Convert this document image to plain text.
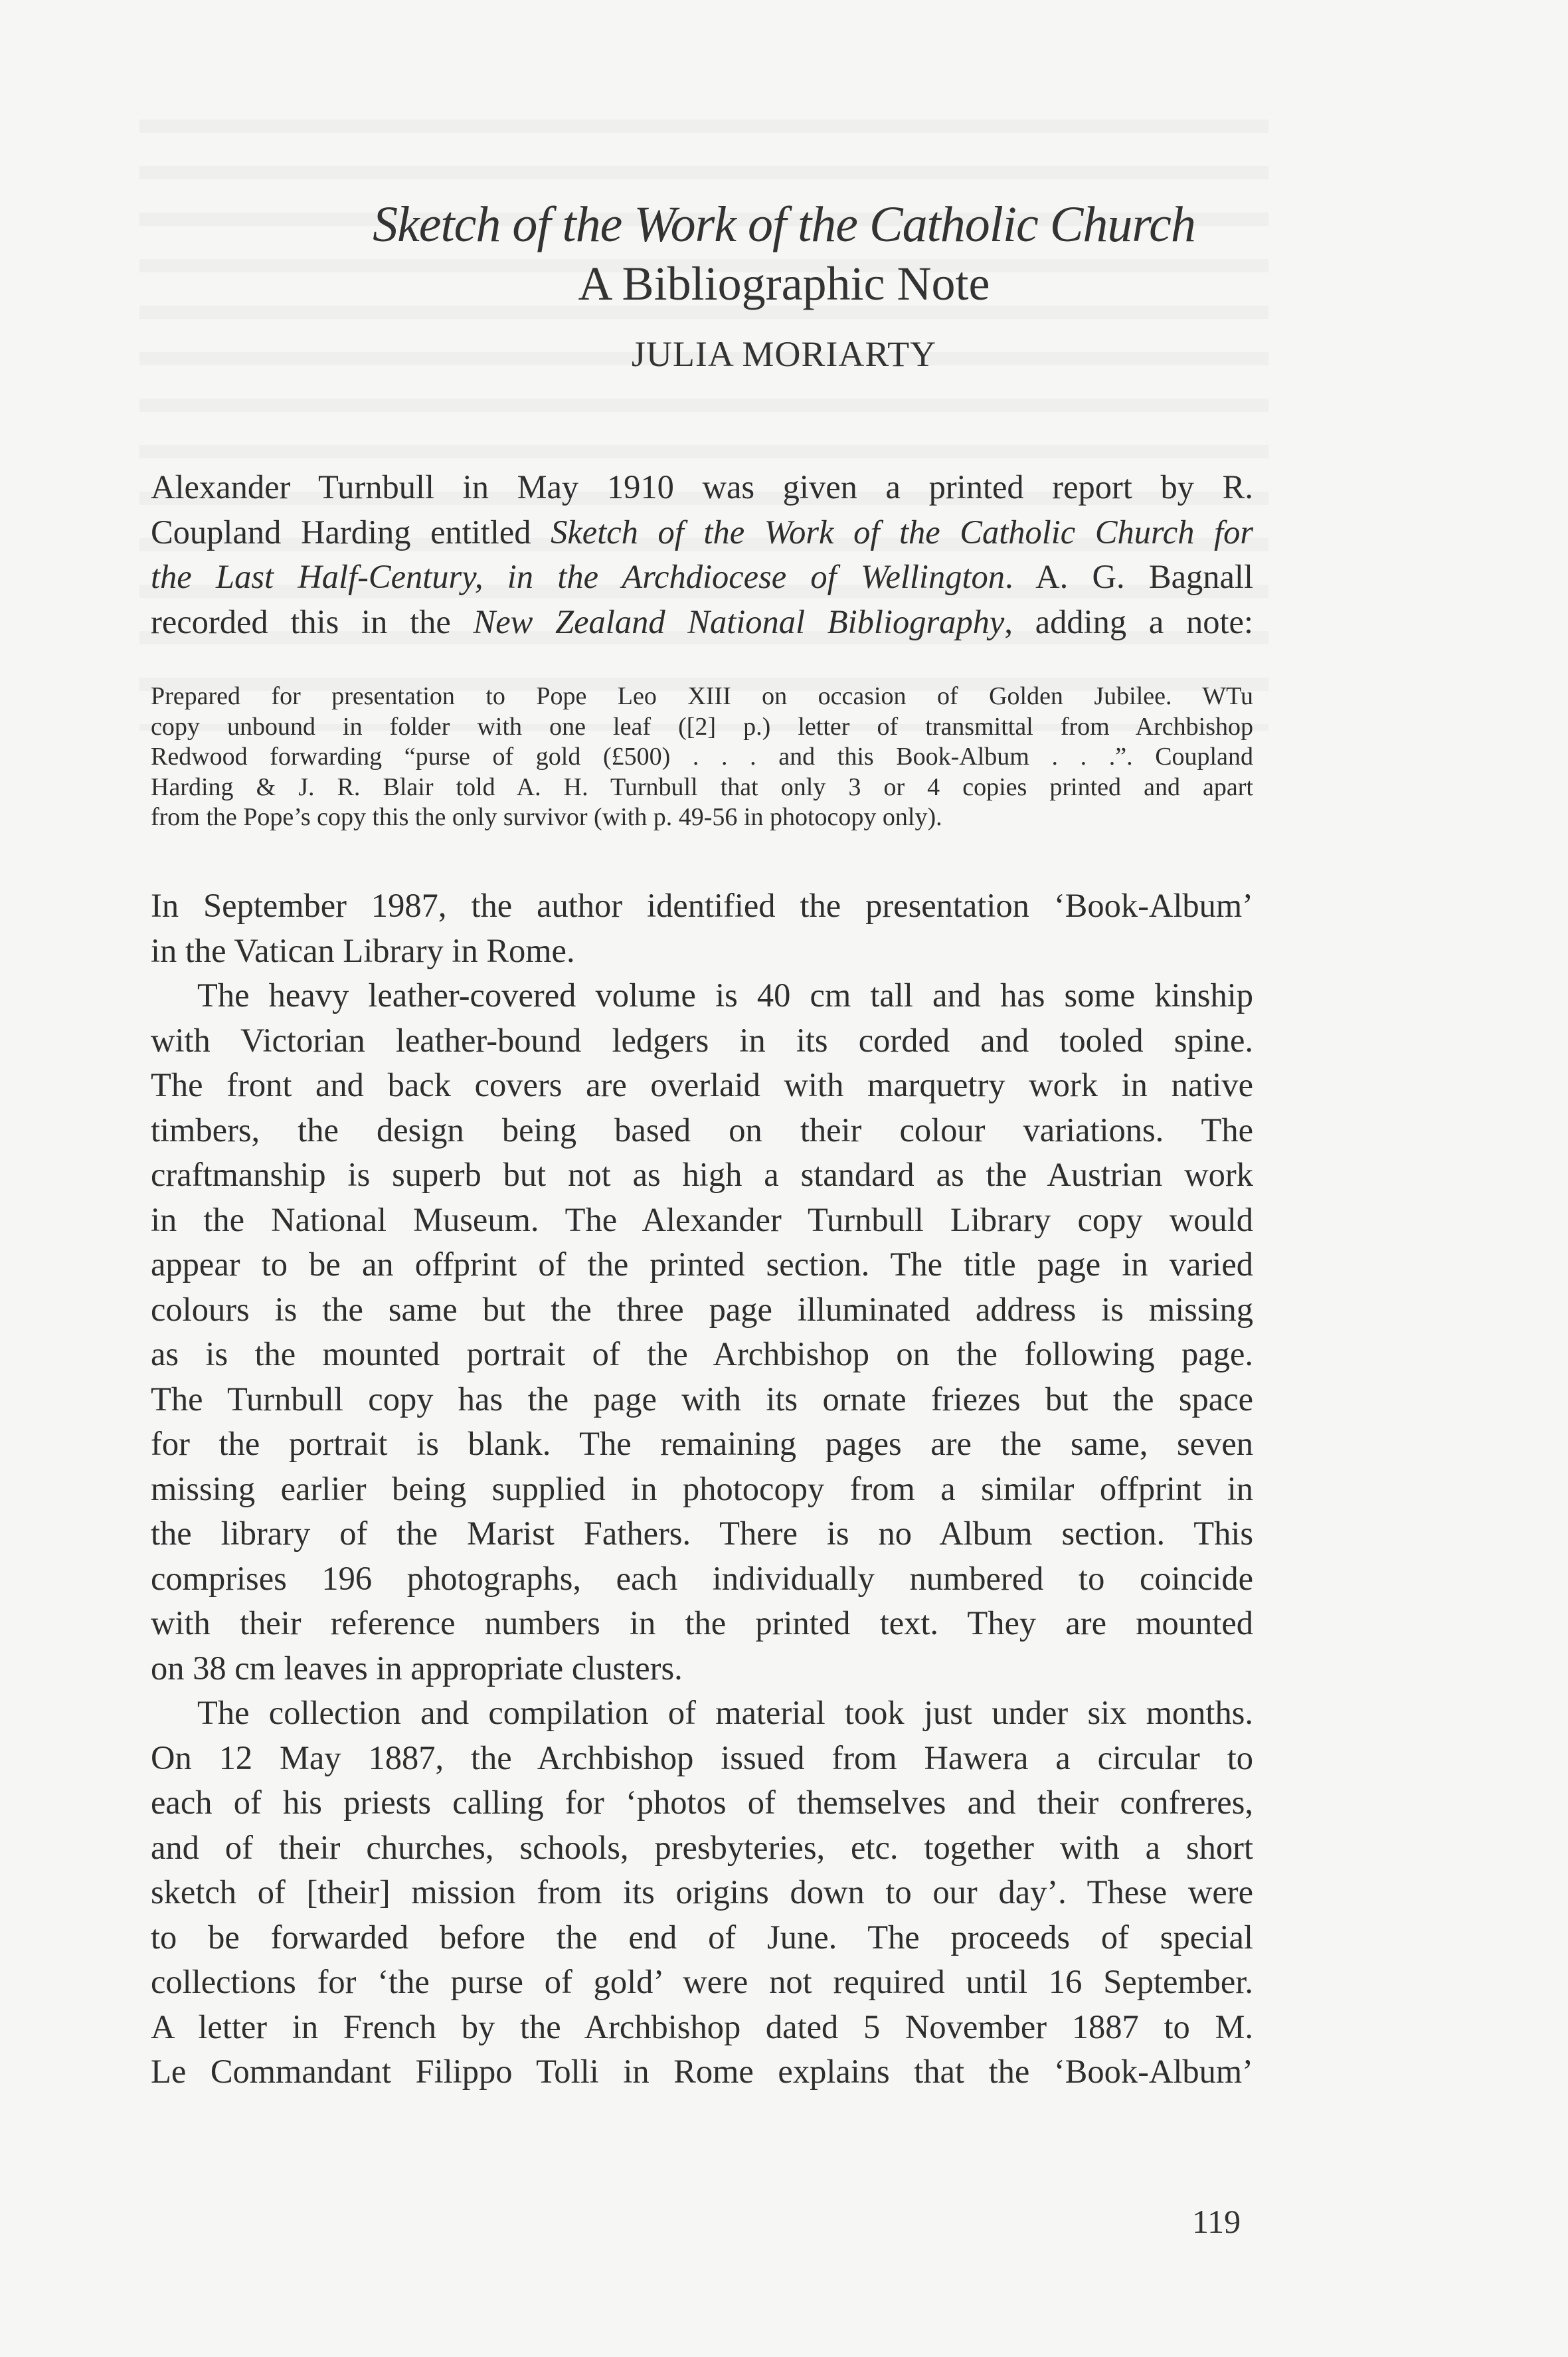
Sketch of the Work of the Catholic Church
A Bibliographic Note
JULIA MORIARTY
Alexander Turnbull in May 1910 was given a printed report by R.
Coupland Harding entitled Sketch of the Work of the Catholic Church for
the Last Half-Century, in the Archdiocese of Wellington. A. G. Bagnall
recorded this in the New Zealand National Bibliography, adding a note:
Prepared for presentation to Pope Leo XIII on occasion of Golden Jubilee. WTu
copy unbound in folder with one leaf ([2] p.) letter of transmittal from Archbishop
Redwood forwarding “purse of gold (£500) . . . and this Book-Album . . .”. Coupland
Harding & J. R. Blair told A. H. Turnbull that only 3 or 4 copies printed and apart
from the Pope’s copy this the only survivor (with p. 49-56 in photocopy only).
In September 1987, the author identified the presentation ‘Book-Album’
in the Vatican Library in Rome.
The heavy leather-covered volume is 40 cm tall and has some kinship
with Victorian leather-bound ledgers in its corded and tooled spine.
The front and back covers are overlaid with marquetry work in native
timbers, the design being based on their colour variations. The
craftmanship is superb but not as high a standard as the Austrian work
in the National Museum. The Alexander Turnbull Library copy would
appear to be an offprint of the printed section. The title page in varied
colours is the same but the three page illuminated address is missing
as is the mounted portrait of the Archbishop on the following page.
The Turnbull copy has the page with its ornate friezes but the space
for the portrait is blank. The remaining pages are the same, seven
missing earlier being supplied in photocopy from a similar offprint in
the library of the Marist Fathers. There is no Album section. This
comprises 196 photographs, each individually numbered to coincide
with their reference numbers in the printed text. They are mounted
on 38 cm leaves in appropriate clusters.
The collection and compilation of material took just under six months.
On 12 May 1887, the Archbishop issued from Hawera a circular to
each of his priests calling for ‘photos of themselves and their confreres,
and of their churches, schools, presbyteries, etc. together with a short
sketch of [their] mission from its origins down to our day’. These were
to be forwarded before the end of June. The proceeds of special
collections for ‘the purse of gold’ were not required until 16 September.
A letter in French by the Archbishop dated 5 November 1887 to M.
Le Commandant Filippo Tolli in Rome explains that the ‘Book-Album’
119
